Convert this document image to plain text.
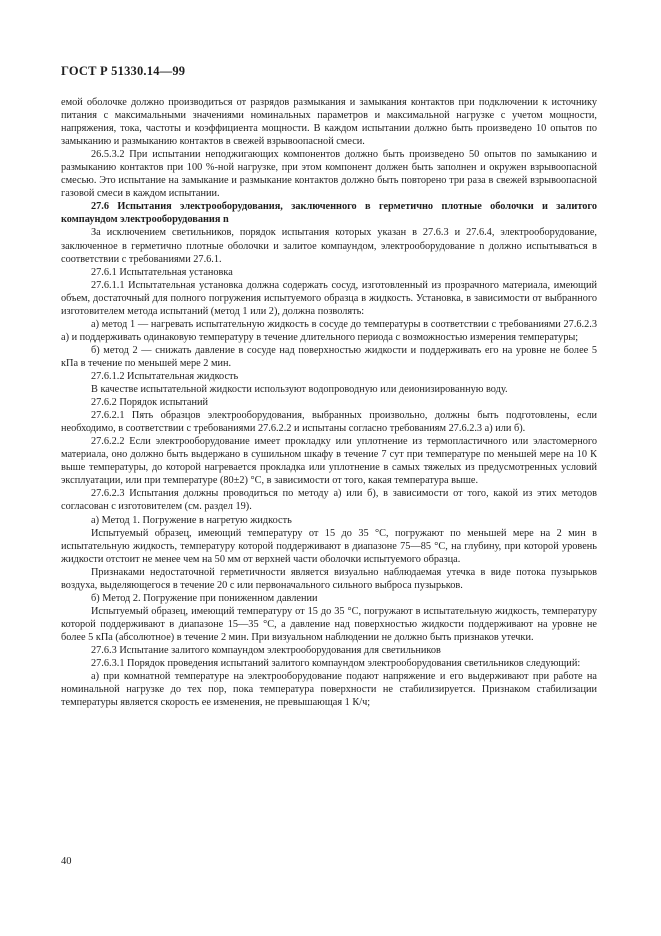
ГОСТ Р 51330.14—99

емой оболочке должно производиться от разрядов размыкания и замыкания контактов при подключении к источнику питания с максимальными значениями номинальных параметров и максимальной нагрузке с учетом мощности, напряжения, тока, частоты и коэффициента мощности. В каждом испытании должно быть произведено 10 опытов по замыканию и размыканию контактов в свежей взрывоопасной смеси.

26.5.3.2 При испытании неподжигающих компонентов должно быть произведено 50 опытов по замыканию и размыканию контактов при 100 %-ной нагрузке, при этом компонент должен быть заполнен и окружен взрывоопасной смесью. Это испытание на замыкание и размыкание контактов должно быть повторено три раза в свежей взрывоопасной газовой смеси в каждом испытании.

27.6 Испытания электрооборудования, заключенного в герметично плотные оболочки и залитого компаундом электрооборудования n

За исключением светильников, порядок испытания которых указан в 27.6.3 и 27.6.4, электрооборудование, заключенное в герметично плотные оболочки и залитое компаундом, электрооборудование n должно испытываться в соответствии с требованиями 27.6.1.

27.6.1 Испытательная установка

27.6.1.1 Испытательная установка должна содержать сосуд, изготовленный из прозрачного материала, имеющий объем, достаточный для полного погружения испытуемого образца в жидкость. Установка, в зависимости от выбранного изготовителем метода испытаний (метод 1 или 2), должна позволять:

а) метод 1 — нагревать испытательную жидкость в сосуде до температуры в соответствии с требованиями 27.6.2.3 а) и поддерживать одинаковую температуру в течение длительного периода с возможностью измерения температуры;

б) метод 2 — снижать давление в сосуде над поверхностью жидкости и поддерживать его на уровне не более 5 кПа в течение по меньшей мере 2 мин.

27.6.1.2 Испытательная жидкость

В качестве испытательной жидкости используют водопроводную или деионизированную воду.

27.6.2 Порядок испытаний

27.6.2.1 Пять образцов электрооборудования, выбранных произвольно, должны быть подготовлены, если необходимо, в соответствии с требованиями 27.6.2.2 и испытаны согласно требованиям 27.6.2.3 а) или б).

27.6.2.2 Если электрооборудование имеет прокладку или уплотнение из термопластичного или эластомерного материала, оно должно быть выдержано в сушильном шкафу в течение 7 сут при температуре по меньшей мере на 10 К выше температуры, до которой нагревается прокладка или уплотнение в самых тяжелых из предусмотренных условий эксплуатации, или при температуре (80±2) °С, в зависимости от того, какая температура выше.

27.6.2.3 Испытания должны проводиться по методу а) или б), в зависимости от того, какой из этих методов согласован с изготовителем (см. раздел 19).

а) Метод 1. Погружение в нагретую жидкость

Испытуемый образец, имеющий температуру от 15 до 35 °С, погружают по меньшей мере на 2 мин в испытательную жидкость, температуру которой поддерживают в диапазоне 75—85 °С, на глубину, при которой уровень жидкости отстоит не менее чем на 50 мм от верхней части оболочки испытуемого образца.

Признаками недостаточной герметичности является визуально наблюдаемая утечка в виде потока пузырьков воздуха, выделяющегося в течение 20 с или первоначального сильного выброса пузырьков.

б) Метод 2. Погружение при пониженном давлении

Испытуемый образец, имеющий температуру от 15 до 35 °С, погружают в испытательную жидкость, температуру которой поддерживают в диапазоне 15—35 °С, а давление над поверхностью жидкости поддерживают на уровне не более 5 кПа (абсолютное) в течение 2 мин. При визуальном наблюдении не должно быть признаков утечки.

27.6.3 Испытание залитого компаундом электрооборудования для светильников

27.6.3.1 Порядок проведения испытаний залитого компаундом электрооборудования светильников следующий:

а) при комнатной температуре на электрооборудование подают напряжение и его выдерживают при работе на номинальной нагрузке до тех пор, пока температура поверхности не стабилизируется. Признаком стабилизации температуры является скорость ее изменения, не превышающая 1 К/ч;

40
